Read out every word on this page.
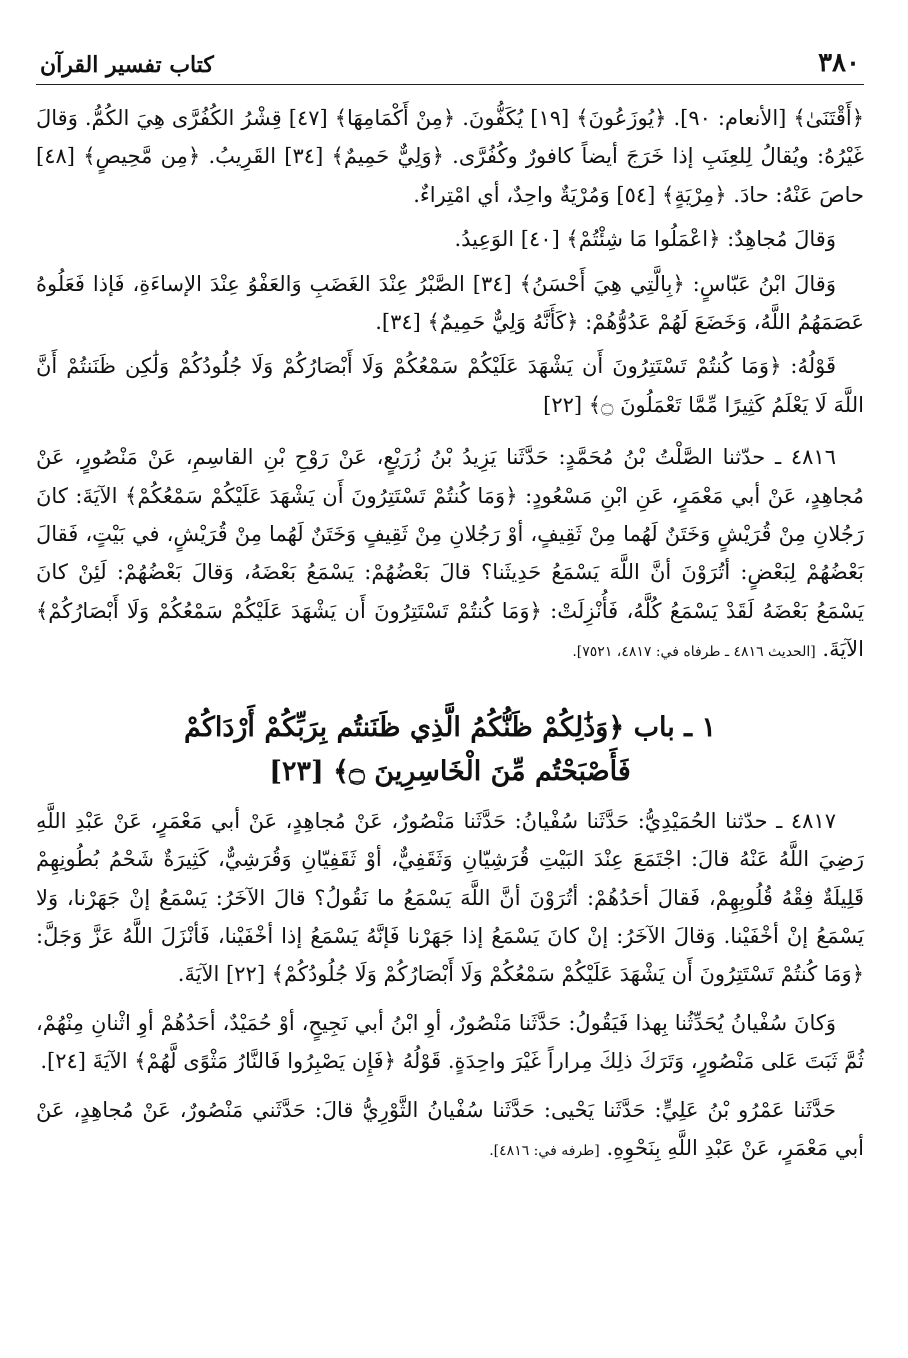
٣٨٠
كتاب تفسير القرآن

﴿أَقْتَنَىٰ﴾ [الأنعام: ٩٠]. ﴿يُوزَعُونَ﴾ [١٩] يُكَفُّونَ. ﴿مِنْ أَكْمَامِهَا﴾ [٤٧] قِشْرُ الكُفُرَّى هِيَ الكُمُّ. وَقالَ غَيْرُهُ: ويُقالُ لِلعِنَبِ إذا خَرَجَ أيضاً كافورٌ وكُفُرَّى. ﴿وَلِيٌّ حَمِيمٌ﴾ [٣٤] القَرِيبُ. ﴿مِن مَّحِيصٍ﴾ [٤٨] حاصَ عَنْهُ: حادَ. ﴿مِرْيَةٍ﴾ [٥٤] وَمُرْيَةٌ واحِدٌ، أي امْتِراءٌ.

وَقالَ مُجاهِدٌ: ﴿اعْمَلُوا مَا شِئْتُمْ﴾ [٤٠] الوَعِيدُ.

وَقالَ ابْنُ عَبّاسٍ: ﴿بِالَّتِي هِيَ أَحْسَنُ﴾ [٣٤] الصَّبْرُ عِنْدَ الغَضَبِ وَالعَفْوُ عِنْدَ الإساءَةِ، فَإذا فَعَلُوهُ عَصَمَهُمُ اللَّهُ، وَخَضَعَ لَهُمْ عَدُوُّهُمْ: ﴿كَأَنَّهُ وَلِيٌّ حَمِيمٌ﴾ [٣٤].

قَوْلُهُ: ﴿وَمَا كُنتُمْ تَسْتَتِرُونَ أَن يَشْهَدَ عَلَيْكُمْ سَمْعُكُمْ وَلَا أَبْصَارُكُمْ وَلَا جُلُودُكُمْ وَلَٰكِن ظَنَنتُمْ أَنَّ اللَّهَ لَا يَعْلَمُ كَثِيرًا مِّمَّا تَعْمَلُونَ ۝﴾ [٢٢]

٤٨١٦ ـ حدّثنا الصَّلْتُ بْنُ مُحَمَّدٍ: حَدَّثَنا يَزِيدُ بْنُ زُرَيْعٍ، عَنْ رَوْحِ بْنِ القاسِمِ، عَنْ مَنْصُورٍ، عَنْ مُجاهِدٍ، عَنْ أبي مَعْمَرٍ، عَنِ ابْنِ مَسْعُودٍ: ﴿وَمَا كُنتُمْ تَسْتَتِرُونَ أَن يَشْهَدَ عَلَيْكُمْ سَمْعُكُمْ﴾ الآيَةَ: كانَ رَجُلانِ مِنْ قُرَيْشٍ وَخَتَنٌ لَهُما مِنْ ثَقِيفٍ، أوْ رَجُلانِ مِنْ ثَقِيفٍ وَخَتَنٌ لَهُما مِنْ قُرَيْشٍ، في بَيْتٍ، فَقالَ بَعْضُهُمْ لِبَعْضٍ: أتُرَوْنَ أنَّ اللَّهَ يَسْمَعُ حَدِيثَنا؟ قالَ بَعْضُهُمْ: يَسْمَعُ بَعْضَهُ، وَقالَ بَعْضُهُمْ: لَئِنْ كانَ يَسْمَعُ بَعْضَهُ لَقَدْ يَسْمَعُ كُلَّهُ، فَأُنْزِلَتْ: ﴿وَمَا كُنتُمْ تَسْتَتِرُونَ أَن يَشْهَدَ عَلَيْكُمْ سَمْعُكُمْ وَلَا أَبْصَارُكُمْ﴾ الآيَةَ. [الحديث ٤٨١٦ ـ طرفاه في: ٤٨١٧، ٧٥٢١].

١ ـ باب ﴿وَذَٰلِكُمْ ظَنُّكُمُ الَّذِي ظَنَنتُم بِرَبِّكُمْ أَرْدَاكُمْ
فَأَصْبَحْتُم مِّنَ الْخَاسِرِينَ ۝﴾ [٢٣]

٤٨١٧ ـ حدّثنا الحُمَيْدِيُّ: حَدَّثَنا سُفْيانُ: حَدَّثَنا مَنْصُورٌ، عَنْ مُجاهِدٍ، عَنْ أبي مَعْمَرٍ، عَنْ عَبْدِ اللَّهِ رَضِيَ اللَّهُ عَنْهُ قالَ: اجْتَمَعَ عِنْدَ البَيْتِ قُرَشِيّانِ وَثَقَفِيٌّ، أوْ ثَقَفِيّانِ وَقُرَشِيٌّ، كَثِيرَةٌ شَحْمُ بُطُونِهِمْ قَلِيلَةٌ فِقْهُ قُلُوبِهِمْ، فَقالَ أحَدُهُمْ: أتُرَوْنَ أنَّ اللَّهَ يَسْمَعُ ما نَقُولُ؟ قالَ الآخَرُ: يَسْمَعُ إنْ جَهَرْنا، وَلا يَسْمَعُ إنْ أخْفَيْنا. وَقالَ الآخَرُ: إنْ كانَ يَسْمَعُ إذا جَهَرْنا فَإنَّهُ يَسْمَعُ إذا أخْفَيْنا، فَأنْزَلَ اللَّهُ عَزَّ وَجَلَّ: ﴿وَمَا كُنتُمْ تَسْتَتِرُونَ أَن يَشْهَدَ عَلَيْكُمْ سَمْعُكُمْ وَلَا أَبْصَارُكُمْ وَلَا جُلُودُكُمْ﴾ [٢٢] الآيَةَ.

وَكانَ سُفْيانُ يُحَدِّثُنا بِهذا فَيَقُولُ: حَدَّثَنا مَنْصُورٌ، أوِ ابْنُ أبي نَجِيحٍ، أوْ حُمَيْدٌ، أحَدُهُمْ أوِ اثْنانِ مِنْهُمْ، ثُمَّ ثَبَتَ عَلى مَنْصُورٍ، وَتَرَكَ ذلِكَ مِراراً غَيْرَ واحِدَةٍ. قَوْلُهُ ﴿فَإِن يَصْبِرُوا فَالنَّارُ مَثْوًى لَّهُمْ﴾ الآيَةَ [٢٤].

حَدَّثَنا عَمْرُو بْنُ عَلِيٍّ: حَدَّثَنا يَحْيى: حَدَّثَنا سُفْيانُ الثَّوْرِيُّ قالَ: حَدَّثَني مَنْصُورٌ، عَنْ مُجاهِدٍ، عَنْ أبي مَعْمَرٍ، عَنْ عَبْدِ اللَّهِ بِنَحْوِهِ. [طرفه في: ٤٨١٦].
